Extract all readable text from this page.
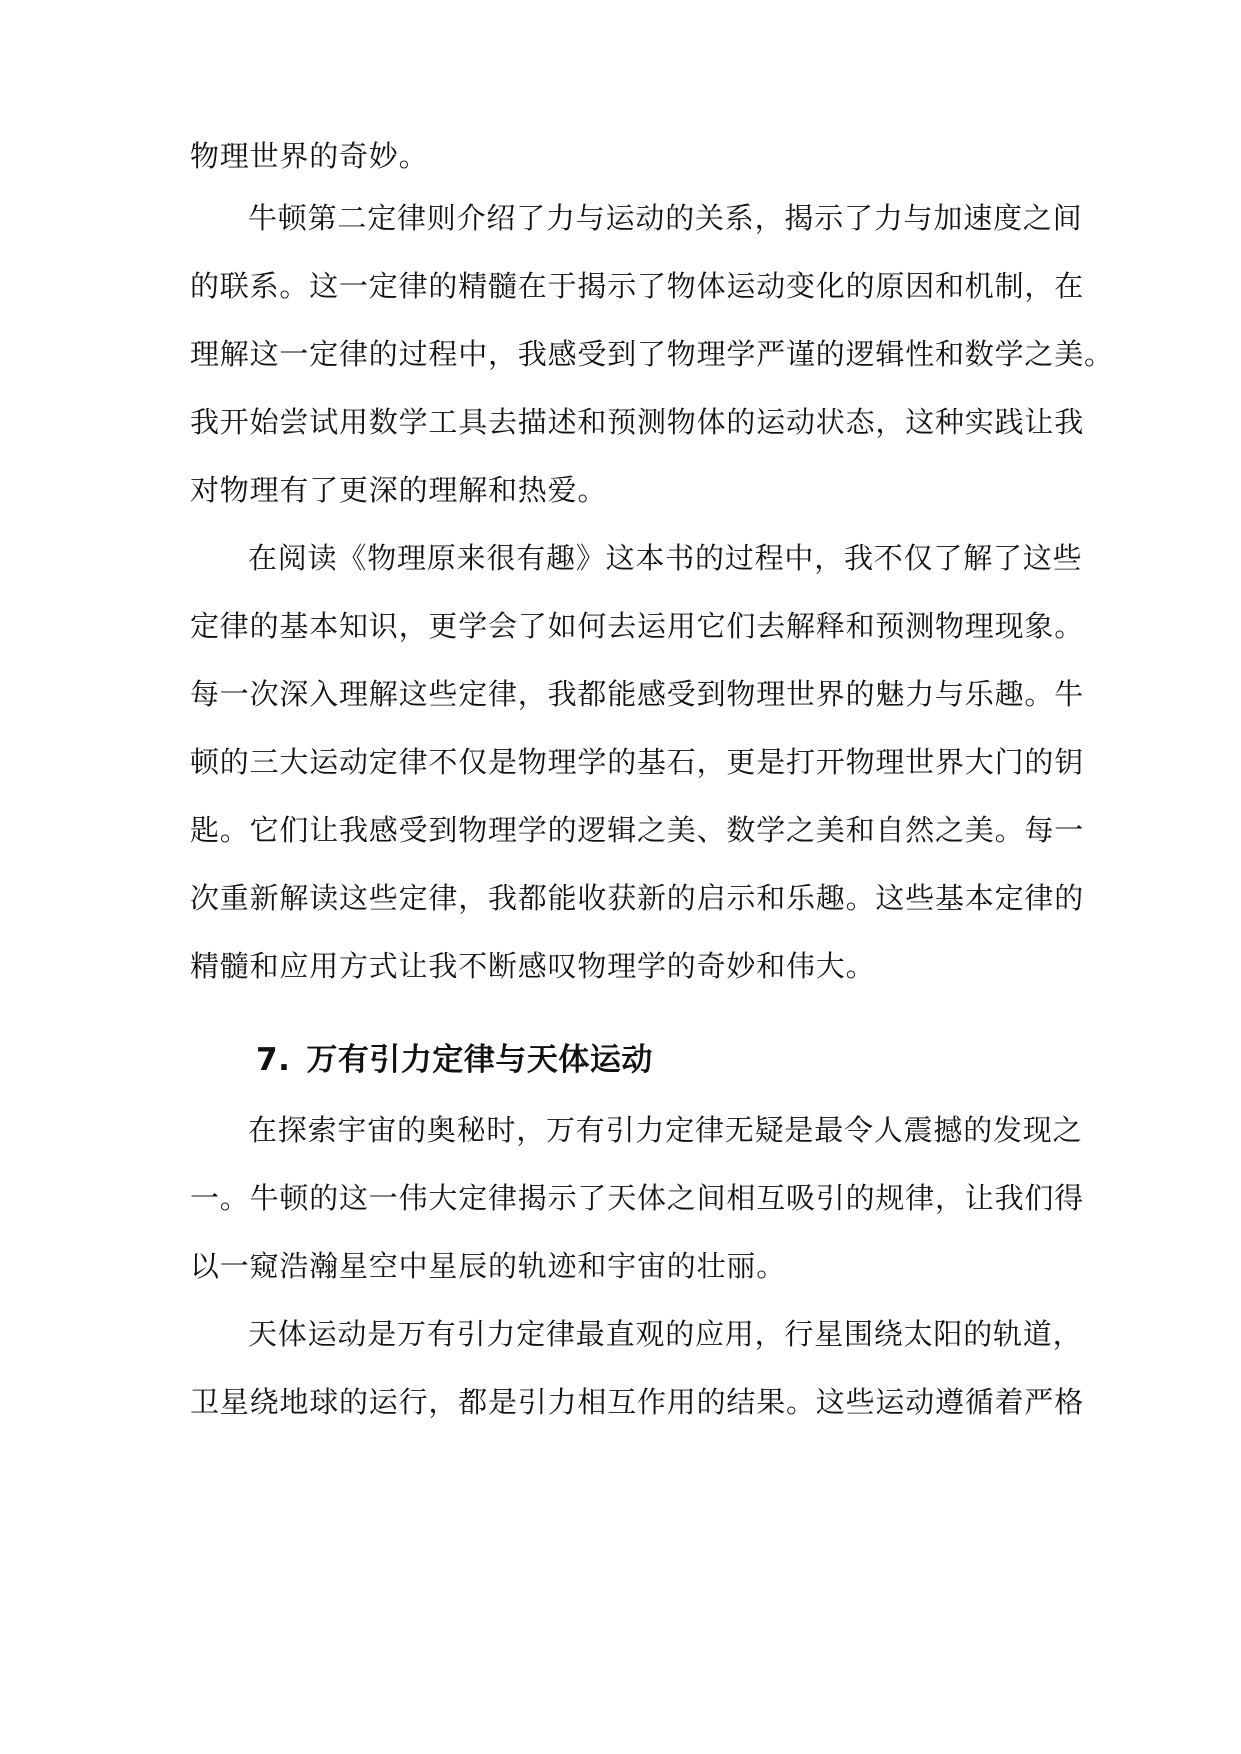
物理世界的奇妙。
牛顿第二定律则介绍了力与运动的关系，揭示了力与加速度之间
的联系。这一定律的精髓在于揭示了物体运动变化的原因和机制，在
理解这一定律的过程中，我感受到了物理学严谨的逻辑性和数学之美。
我开始尝试用数学工具去描述和预测物体的运动状态，这种实践让我
对物理有了更深的理解和热爱。
在阅读《物理原来很有趣》这本书的过程中，我不仅了解了这些
定律的基本知识，更学会了如何去运用它们去解释和预测物理现象。
每一次深入理解这些定律，我都能感受到物理世界的魅力与乐趣。牛
顿的三大运动定律不仅是物理学的基石，更是打开物理世界大门的钥
匙。它们让我感受到物理学的逻辑之美、数学之美和自然之美。每一
次重新解读这些定律，我都能收获新的启示和乐趣。这些基本定律的
精髓和应用方式让我不断感叹物理学的奇妙和伟大。
7. 万有引力定律与天体运动
在探索宇宙的奥秘时，万有引力定律无疑是最令人震撼的发现之
一。牛顿的这一伟大定律揭示了天体之间相互吸引的规律，让我们得
以一窥浩瀚星空中星辰的轨迹和宇宙的壮丽。
天体运动是万有引力定律最直观的应用，行星围绕太阳的轨道，
卫星绕地球的运行，都是引力相互作用的结果。这些运动遵循着严格
